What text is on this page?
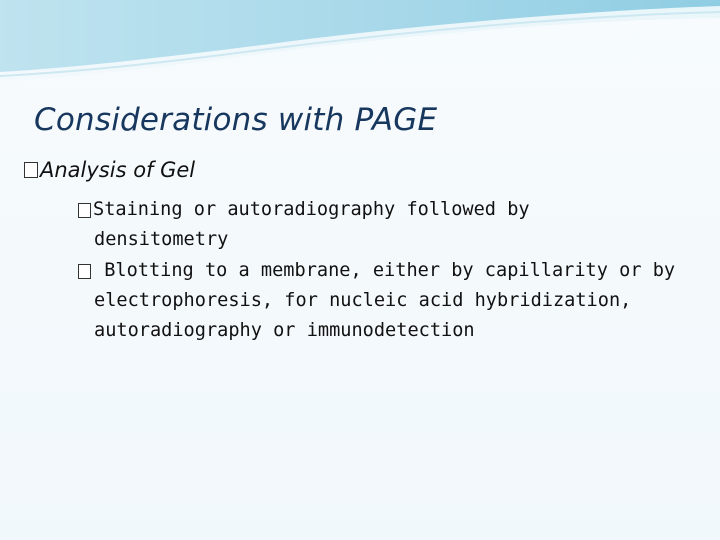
Considerations with PAGE
Analysis of Gel
Staining or autoradiography followed by
densitometry
Blotting to a membrane, either by capillarity or by
electrophoresis, for nucleic acid hybridization,
autoradiography or immunodetection
